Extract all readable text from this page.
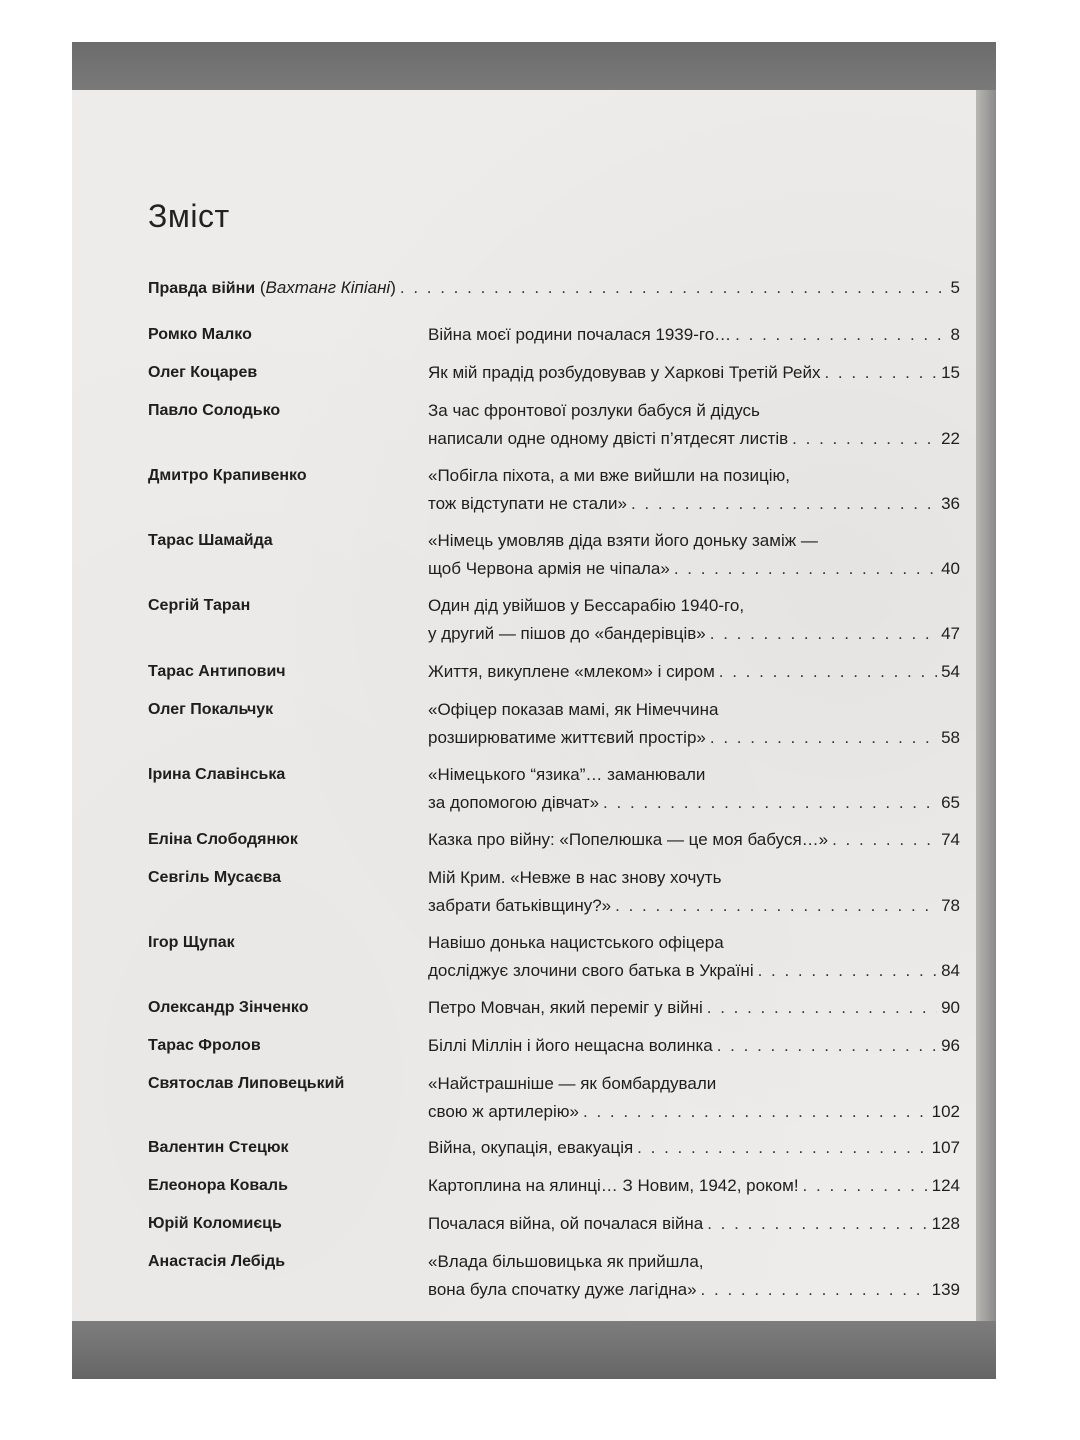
Зміст
Правда війни ( Вахтанг Кіпіані ) . . .	5
Ромко Малко	Війна моєї родини почалася 1939-го… . . .	8
Олег Коцарев	Як мій прадід розбудовував у Харкові Третій Рейх . . .	15
Павло Солодько	За час фронтової розлуки бабуся й дідусь
написали одне одному двісті п’ятдесят листів . . .	22
Дмитро Крапивенко	«Побігла піхота, а ми вже вийшли на позицію,
тож відступати не стали» . . .	36
Тарас Шамайда	«Німець умовляв діда взяти його доньку заміж —
щоб Червона армія не чіпала» . . .	40
Сергій Таран	Один дід увійшов у Бессарабію 1940-го,
у другий — пішов до «бандерівців» . . .	47
Тарас Антипович	Життя, викуплене «млеком» і сиром . . .	54
Олег Покальчук	«Офіцер показав мамі, як Німеччина
розширюватиме життєвий простір» . . .	58
Ірина Славінська	«Німецького “язика”… заманювали
за допомогою дівчат» . . .	65
Еліна Слободянюк	Казка про війну: «Попелюшка — це моя бабуся…» . . .	74
Севгіль Мусаєва	Мій Крим. «Невже в нас знову хочуть
забрати батьківщину?» . . .	78
Ігор Щупак	Навішо донька нацистського офіцера
досліджує злочини свого батька в Україні . . .	84
Олександр Зінченко	Петро Мовчан, який переміг у війні . . .	90
Тарас Фролов	Біллі Міллін і його нещасна волинка . . .	96
Святослав Липовецький	«Найстрашніше — як бомбардували
свою ж артилерію» . . .	102
Валентин Стецюк	Війна, окупація, евакуація . . .	107
Елеонора Коваль	Картоплина на ялинці… З Новим, 1942, роком! . . .	124
Юрій Коломиєць	Почалася війна, ой почалася війна . . .	128
Анастасія Лебідь	«Влада більшовицька як прийшла,
вона була спочатку дуже лагідна» . . .	139
